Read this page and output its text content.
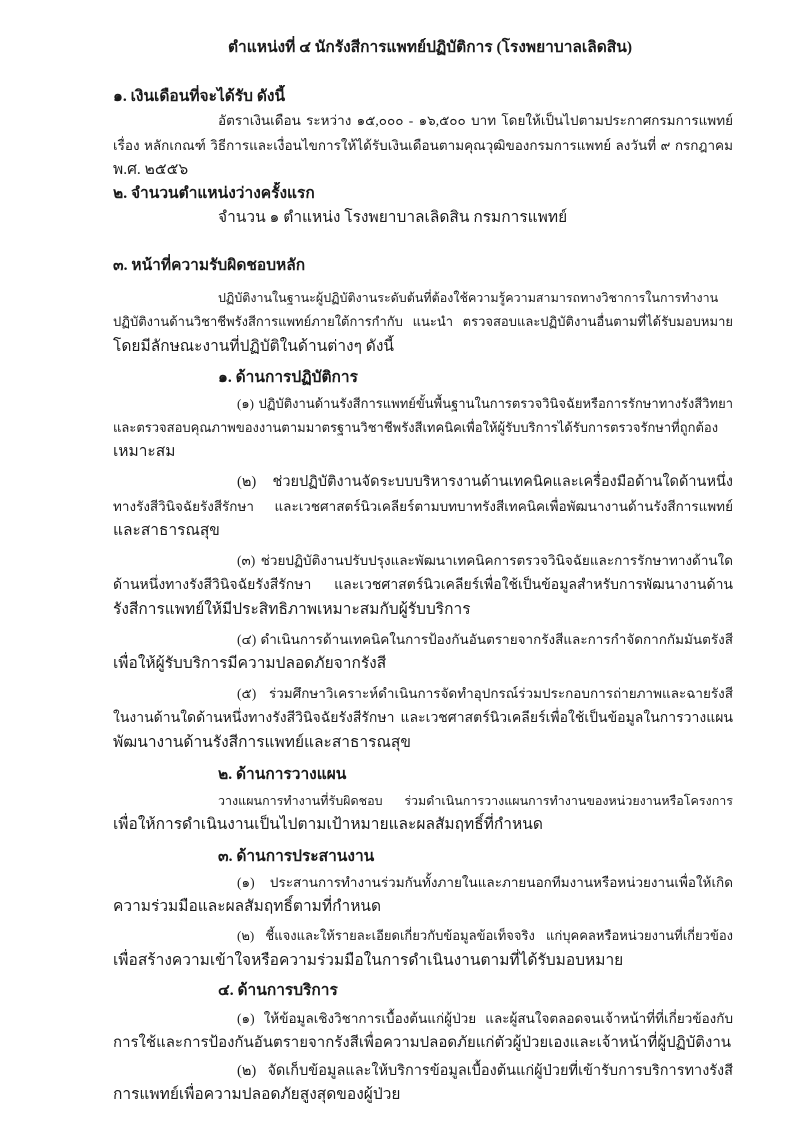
ตำแหน่งที่ ๔ นักรังสีการแพทย์ปฏิบัติการ (โรงพยาบาลเลิดสิน)
๑. เงินเดือนที่จะได้รับ ดังนี้
อัตราเงินเดือน ระหว่าง ๑๕,๐๐๐ - ๑๖,๕๐๐ บาท โดยให้เป็นไปตามประกาศกรมการแพทย์
เรื่อง หลักเกณฑ์ วิธีการและเงื่อนไขการให้ได้รับเงินเดือนตามคุณวุฒิของกรมการแพทย์ ลงวันที่ ๙ กรกฎาคม
พ.ศ. ๒๕๕๖
๒. จำนวนตำแหน่งว่างครั้งแรก
จำนวน ๑ ตำแหน่ง โรงพยาบาลเลิดสิน กรมการแพทย์
๓. หน้าที่ความรับผิดชอบหลัก
ปฏิบัติงานในฐานะผู้ปฏิบัติงานระดับต้นที่ต้องใช้ความรู้ความสามารถทางวิชาการในการทำงาน
ปฏิบัติงานด้านวิชาชีพรังสีการแพทย์ภายใต้การกำกับ แนะนำ ตรวจสอบและปฏิบัติงานอื่นตามที่ได้รับมอบหมาย
โดยมีลักษณะงานที่ปฏิบัติในด้านต่างๆ ดังนี้
๑. ด้านการปฏิบัติการ
(๑) ปฏิบัติงานด้านรังสีการแพทย์ขั้นพื้นฐานในการตรวจวินิจฉัยหรือการรักษาทางรังสีวิทยา
และตรวจสอบคุณภาพของงานตามมาตรฐานวิชาชีพรังสีเทคนิคเพื่อให้ผู้รับบริการได้รับการตรวจรักษาที่ถูกต้อง
เหมาะสม
(๒) ช่วยปฏิบัติงานจัดระบบบริหารงานด้านเทคนิคและเครื่องมือด้านใดด้านหนึ่ง
ทางรังสีวินิจฉัยรังสีรักษา และเวชศาสตร์นิวเคลียร์ตามบทบาทรังสีเทคนิคเพื่อพัฒนางานด้านรังสีการแพทย์
และสาธารณสุข
(๓) ช่วยปฏิบัติงานปรับปรุงและพัฒนาเทคนิคการตรวจวินิจฉัยและการรักษาทางด้านใด
ด้านหนึ่งทางรังสีวินิจฉัยรังสีรักษา และเวชศาสตร์นิวเคลียร์เพื่อใช้เป็นข้อมูลสำหรับการพัฒนางานด้าน
รังสีการแพทย์ให้มีประสิทธิภาพเหมาะสมกับผู้รับบริการ
(๔) ดำเนินการด้านเทคนิคในการป้องกันอันตรายจากรังสีและการกำจัดกากกัมมันตรังสี
เพื่อให้ผู้รับบริการมีความปลอดภัยจากรังสี
(๕) ร่วมศึกษาวิเคราะห์ดำเนินการจัดทำอุปกรณ์ร่วมประกอบการถ่ายภาพและฉายรังสี
ในงานด้านใดด้านหนึ่งทางรังสีวินิจฉัยรังสีรักษา และเวชศาสตร์นิวเคลียร์เพื่อใช้เป็นข้อมูลในการวางแผน
พัฒนางานด้านรังสีการแพทย์และสาธารณสุข
๒. ด้านการวางแผน
วางแผนการทำงานที่รับผิดชอบ ร่วมดำเนินการวางแผนการทำงานของหน่วยงานหรือโครงการ
เพื่อให้การดำเนินงานเป็นไปตามเป้าหมายและผลสัมฤทธิ์ที่กำหนด
๓. ด้านการประสานงาน
(๑) ประสานการทำงานร่วมกันทั้งภายในและภายนอกทีมงานหรือหน่วยงานเพื่อให้เกิด
ความร่วมมือและผลสัมฤทธิ์ตามที่กำหนด
(๒) ชี้แจงและให้รายละเอียดเกี่ยวกับข้อมูลข้อเท็จจริง แก่บุคคลหรือหน่วยงานที่เกี่ยวข้อง
เพื่อสร้างความเข้าใจหรือความร่วมมือในการดำเนินงานตามที่ได้รับมอบหมาย
๔. ด้านการบริการ
(๑) ให้ข้อมูลเชิงวิชาการเบื้องต้นแก่ผู้ป่วย และผู้สนใจตลอดจนเจ้าหน้าที่ที่เกี่ยวข้องกับ
การใช้และการป้องกันอันตรายจากรังสีเพื่อความปลอดภัยแก่ตัวผู้ป่วยเองและเจ้าหน้าที่ผู้ปฏิบัติงาน
(๒) จัดเก็บข้อมูลและให้บริการข้อมูลเบื้องต้นแก่ผู้ป่วยที่เข้ารับการบริการทางรังสี
การแพทย์เพื่อความปลอดภัยสูงสุดของผู้ป่วย
